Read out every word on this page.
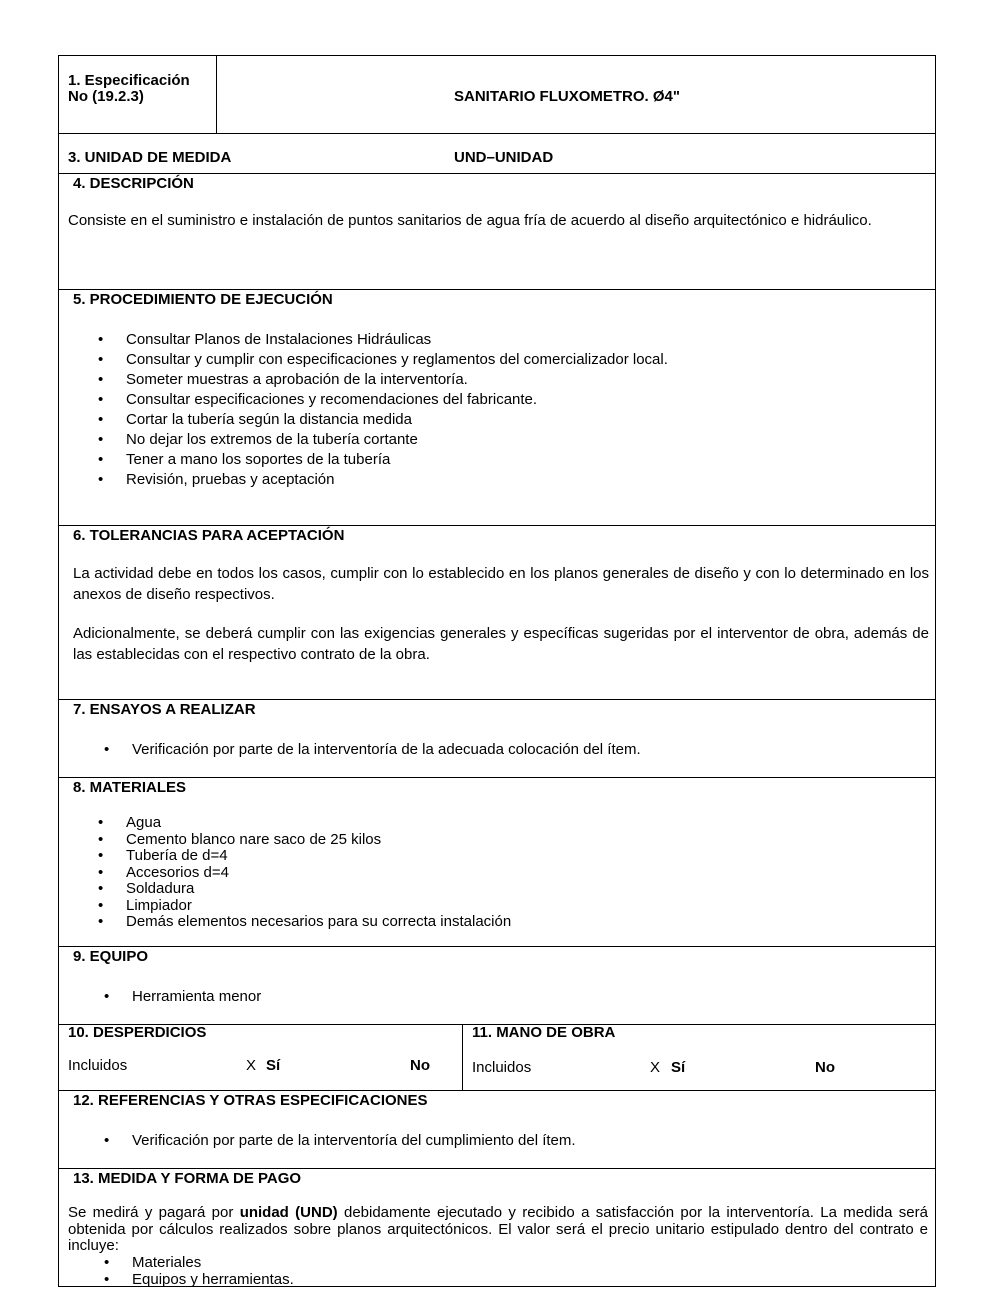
1. Especificación
No (19.2.3)	SANITARIO FLUXOMETRO. Ø4"
3. UNIDAD DE MEDIDA	UND–UNIDAD
4. DESCRIPCIÓN
Consiste en el suministro e instalación de puntos sanitarios de agua fría de acuerdo al diseño arquitectónico e hidráulico.
5. PROCEDIMIENTO DE EJECUCIÓN
• Consultar Planos de Instalaciones Hidráulicas
• Consultar y cumplir con especificaciones y reglamentos del comercializador local.
• Someter muestras a aprobación de la interventoría.
• Consultar especificaciones y recomendaciones del fabricante.
• Cortar la tubería según la distancia medida
• No dejar los extremos de la tubería cortante
• Tener a mano los soportes de la tubería
• Revisión, pruebas y aceptación
6. TOLERANCIAS PARA ACEPTACIÓN
La actividad debe en todos los casos, cumplir con lo establecido en los planos generales de diseño y con lo determinado en los anexos de diseño respectivos.
Adicionalmente, se deberá cumplir con las exigencias generales y específicas sugeridas por el interventor de obra, además de las establecidas con el respectivo contrato de la obra.
7. ENSAYOS A REALIZAR
• Verificación por parte de la interventoría de la adecuada colocación del ítem.
8. MATERIALES
• Agua
• Cemento blanco nare saco de 25 kilos
• Tubería de d=4
• Accesorios d=4
• Soldadura
• Limpiador
• Demás elementos necesarios para su correcta instalación
9. EQUIPO
• Herramienta menor
10. DESPERDICIOS
Incluidos	X Sí	No
11. MANO DE OBRA
Incluidos	X Sí	No
12. REFERENCIAS Y OTRAS ESPECIFICACIONES
• Verificación por parte de la interventoría del cumplimiento del ítem.
13. MEDIDA Y FORMA DE PAGO
Se medirá y pagará por unidad (UND) debidamente ejecutado y recibido a satisfacción por la interventoría. La medida será obtenida por cálculos realizados sobre planos arquitectónicos. El valor será el precio unitario estipulado dentro del contrato e incluye:
• Materiales
• Equipos y herramientas.
